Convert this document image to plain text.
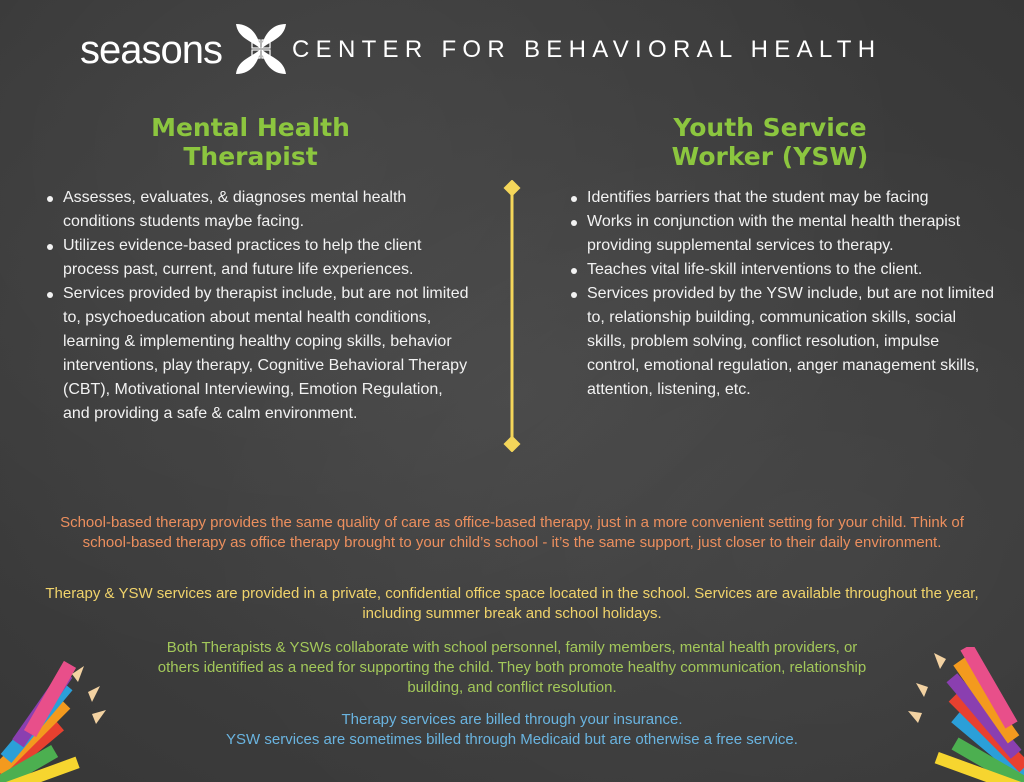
seasons	CENTER FOR BEHAVIORAL HEALTH
Mental Health
Therapist
Youth Service
Worker (YSW)
Assesses, evaluates, & diagnoses mental health conditions students maybe facing.
Utilizes evidence-based practices to help the client process past, current, and future life experiences.
Services provided by therapist include, but are not limited to, psychoeducation about mental health conditions, learning & implementing healthy coping skills, behavior interventions, play therapy, Cognitive Behavioral Therapy (CBT), Motivational Interviewing, Emotion Regulation, and providing a safe & calm environment.
Identifies barriers that the student may be facing
Works in conjunction with the mental health therapist providing supplemental services to therapy.
Teaches vital life-skill interventions to the client.
Services provided by the YSW include, but are not limited to, relationship building, communication skills, social skills, problem solving, conflict resolution, impulse control, emotional regulation, anger management skills, attention, listening, etc.
School-based therapy provides the same quality of care as office-based therapy, just in a more convenient setting for your child. Think of school-based therapy as office therapy brought to your child’s school - it’s the same support, just closer to their daily environment.
Therapy & YSW services are provided in a private, confidential office space located in the school. Services are available throughout the year, including summer break and school holidays.
Both Therapists & YSWs collaborate with school personnel, family members, mental health providers, or others identified as a need for supporting the child. They both promote healthy communication, relationship building, and conflict resolution.
Therapy services are billed through your insurance.
YSW services are sometimes billed through Medicaid but are otherwise a free service.
